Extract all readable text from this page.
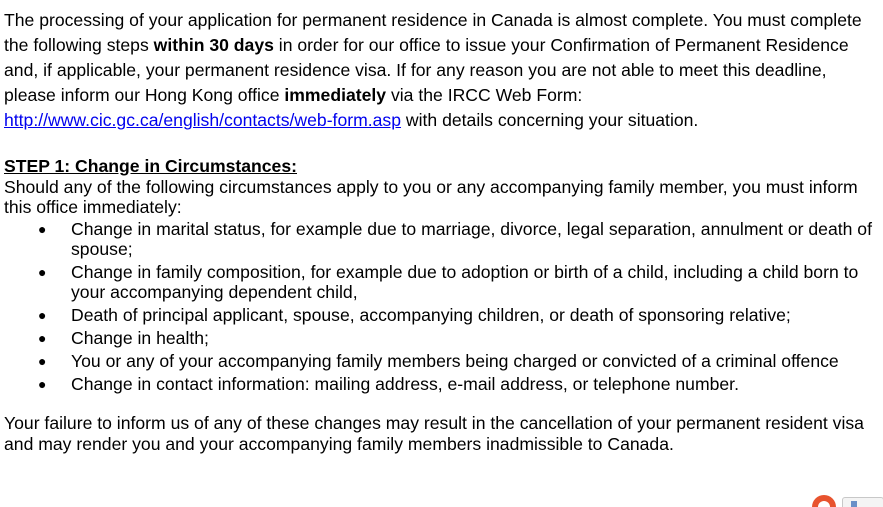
The processing of your application for permanent residence in Canada is almost complete. You must complete the following steps within 30 days in order for our office to issue your Confirmation of Permanent Residence and, if applicable, your permanent residence visa. If for any reason you are not able to meet this deadline, please inform our Hong Kong office immediately via the IRCC Web Form: http://www.cic.gc.ca/english/contacts/web-form.asp with details concerning your situation.

STEP 1: Change in Circumstances:

Should any of the following circumstances apply to you or any accompanying family member, you must inform this office immediately:

● Change in marital status, for example due to marriage, divorce, legal separation, annulment or death of spouse;
● Change in family composition, for example due to adoption or birth of a child, including a child born to your accompanying dependent child,
● Death of principal applicant, spouse, accompanying children, or death of sponsoring relative;
● Change in health;
● You or any of your accompanying family members being charged or convicted of a criminal offence
● Change in contact information: mailing address, e-mail address, or telephone number.

Your failure to inform us of any of these changes may result in the cancellation of your permanent resident visa and may render you and your accompanying family members inadmissible to Canada.
